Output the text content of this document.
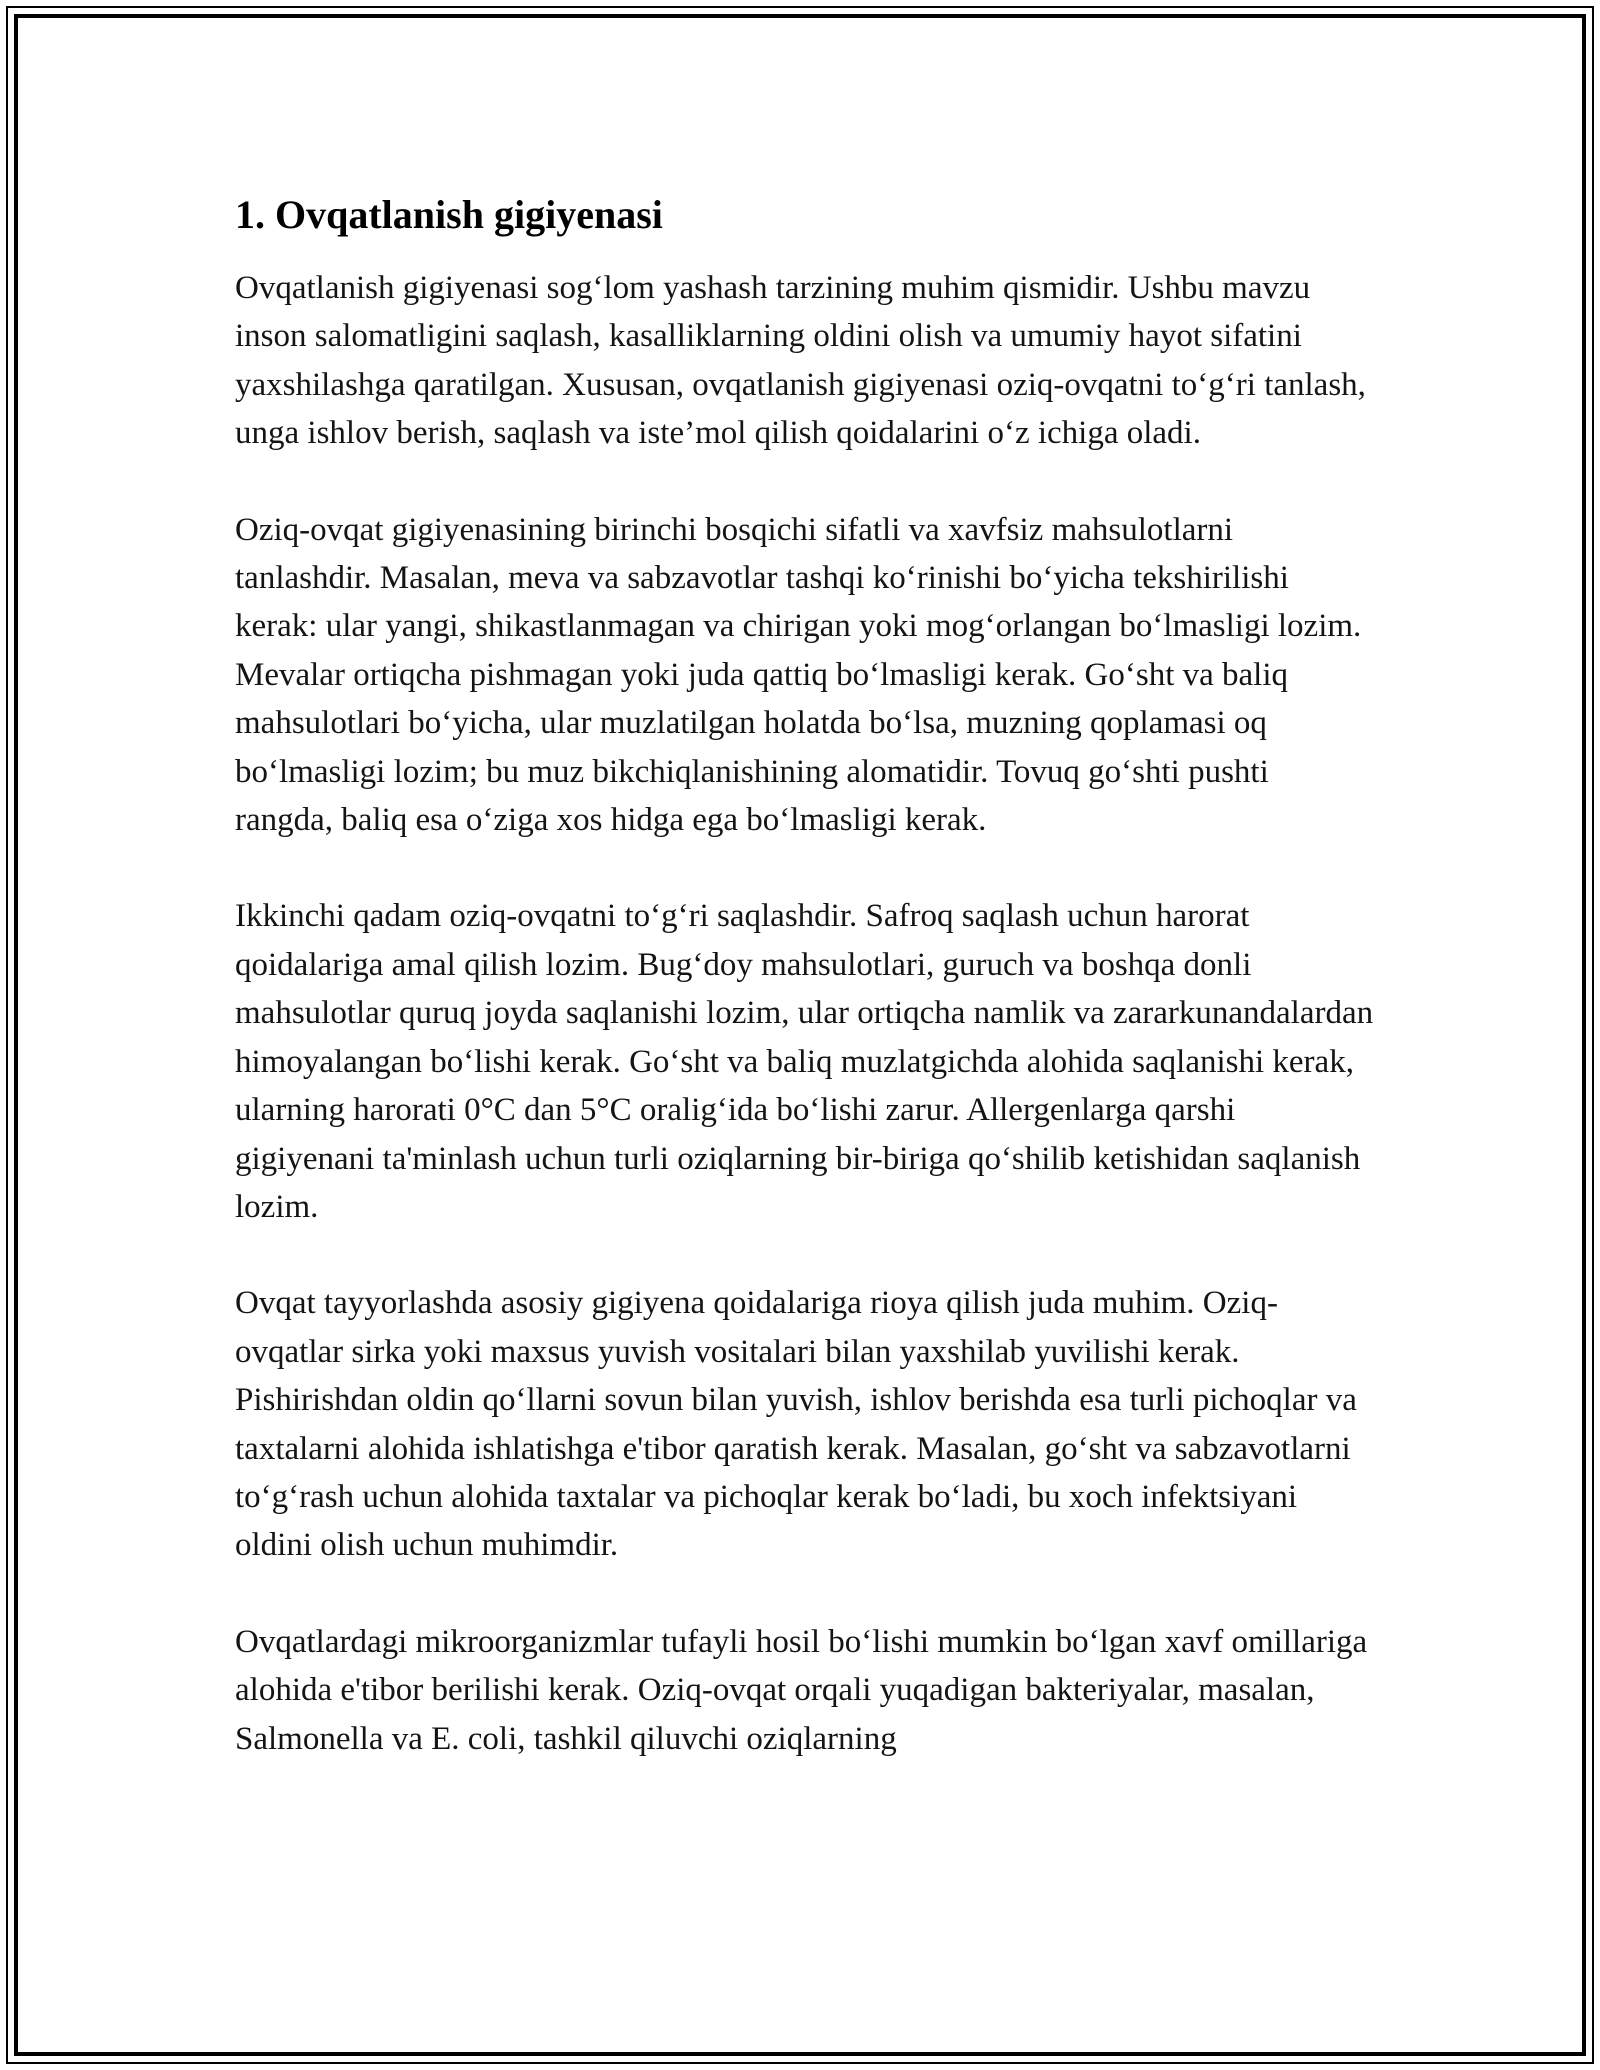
1. Ovqatlanish gigiyenasi

Ovqatlanish gigiyenasi sog‘lom yashash tarzining muhim qismidir. Ushbu mavzu inson salomatligini saqlash, kasalliklarning oldini olish va umumiy hayot sifatini yaxshilashga qaratilgan. Xususan, ovqatlanish gigiyenasi oziq-ovqatni to‘g‘ri tanlash, unga ishlov berish, saqlash va iste’mol qilish qoidalarini o‘z ichiga oladi.

Oziq-ovqat gigiyenasining birinchi bosqichi sifatli va xavfsiz mahsulotlarni tanlashdir. Masalan, meva va sabzavotlar tashqi ko‘rinishi bo‘yicha tekshirilishi kerak: ular yangi, shikastlanmagan va chirigan yoki mog‘orlangan bo‘lmasligi lozim. Mevalar ortiqcha pishmagan yoki juda qattiq bo‘lmasligi kerak. Go‘sht va baliq mahsulotlari bo‘yicha, ular muzlatilgan holatda bo‘lsa, muzning qoplamasi oq bo‘lmasligi lozim; bu muz bikchiqlanishining alomatidir. Tovuq go‘shti pushti rangda, baliq esa o‘ziga xos hidga ega bo‘lmasligi kerak.

Ikkinchi qadam oziq-ovqatni to‘g‘ri saqlashdir. Safroq saqlash uchun harorat qoidalariga amal qilish lozim. Bug‘doy mahsulotlari, guruch va boshqa donli mahsulotlar quruq joyda saqlanishi lozim, ular ortiqcha namlik va zararkunandalardan himoyalangan bo‘lishi kerak. Go‘sht va baliq muzlatgichda alohida saqlanishi kerak, ularning harorati 0°C dan 5°C oralig‘ida bo‘lishi zarur. Allergenlarga qarshi gigiyenani ta'minlash uchun turli oziqlarning bir-biriga qo‘shilib ketishidan saqlanish lozim.

Ovqat tayyorlashda asosiy gigiyena qoidalariga rioya qilish juda muhim. Oziq-ovqatlar sirka yoki maxsus yuvish vositalari bilan yaxshilab yuvilishi kerak. Pishirishdan oldin qo‘llarni sovun bilan yuvish, ishlov berishda esa turli pichoqlar va taxtalarni alohida ishlatishga e'tibor qaratish kerak. Masalan, go‘sht va sabzavotlarni to‘g‘rash uchun alohida taxtalar va pichoqlar kerak bo‘ladi, bu xoch infektsiyani oldini olish uchun muhimdir.

Ovqatlardagi mikroorganizmlar tufayli hosil bo‘lishi mumkin bo‘lgan xavf omillariga alohida e'tibor berilishi kerak. Oziq-ovqat orqali yuqadigan bakteriyalar, masalan, Salmonella va E. coli, tashkil qiluvchi oziqlarning
